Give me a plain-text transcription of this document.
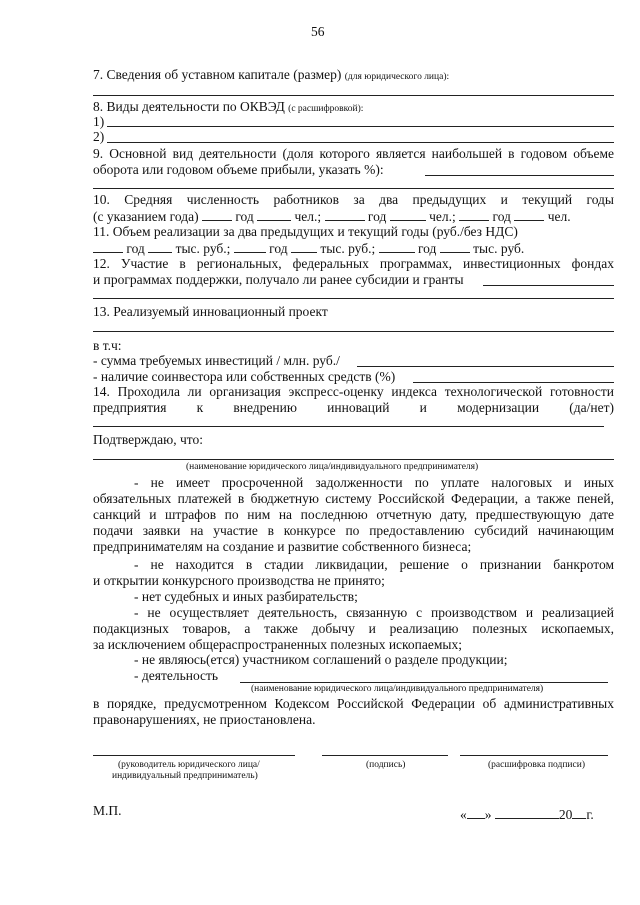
56
7. Сведения об уставном капитале (размер) (для юридического лица):
8. Виды деятельности по ОКВЭД (с расшифровкой):
1)
2)
9. Основной вид деятельности (доля которого является наибольшей в годовом объеме
оборота или годовом объеме прибыли, указать %):
10. Средняя численность работников за два предыдущих и текущий годы
(с указанием года)	год	чел.;	год	чел.;	год	чел.
11. Объем реализации за два предыдущих и текущий годы (руб./без НДС)
год тыс. руб.;	год тыс. руб.;	год	тыс. руб.
12. Участие в региональных, федеральных программах, инвестиционных фондах
и программах поддержки, получало ли ранее субсидии и гранты
13. Реализуемый инновационный проект
в т.ч:
- сумма требуемых инвестиций / млн. руб./
- наличие соинвестора или собственных средств (%)
14. Проходила ли организация экспресс-оценку индекса технологической готовности
предприятия к внедрению инноваций и модернизации (да/нет)
Подтверждаю, что:
(наименование юридического лица/индивидуального предпринимателя)
- не имеет просроченной задолженности по уплате налоговых и иных
обязательных платежей в бюджетную систему Российской Федерации, а также пеней,
санкций и штрафов по ним на последнюю отчетную дату, предшествующую дате
подачи заявки на участие в конкурсе по предоставлению субсидий начинающим
предпринимателям на создание и развитие собственного бизнеса;
- не находится в стадии ликвидации, решение о признании банкротом
и открытии конкурсного производства не принято;
- нет судебных и иных разбирательств;
- не осуществляет деятельность, связанную с производством и реализацией
подакцизных товаров, а также добычу и реализацию полезных ископаемых,
за исключением общераспространенных полезных ископаемых;
- не являюсь(ется) участником соглашений о разделе продукции;
- деятельность
(наименование юридического лица/индивидуального предпринимателя)
в порядке, предусмотренном Кодексом Российской Федерации об административных
правонарушениях, не приостановлена.
(руководитель юридического лица/
индивидуальный предприниматель)
(подпись)	(расшифровка подписи)
М.П.	« »	20 г.
